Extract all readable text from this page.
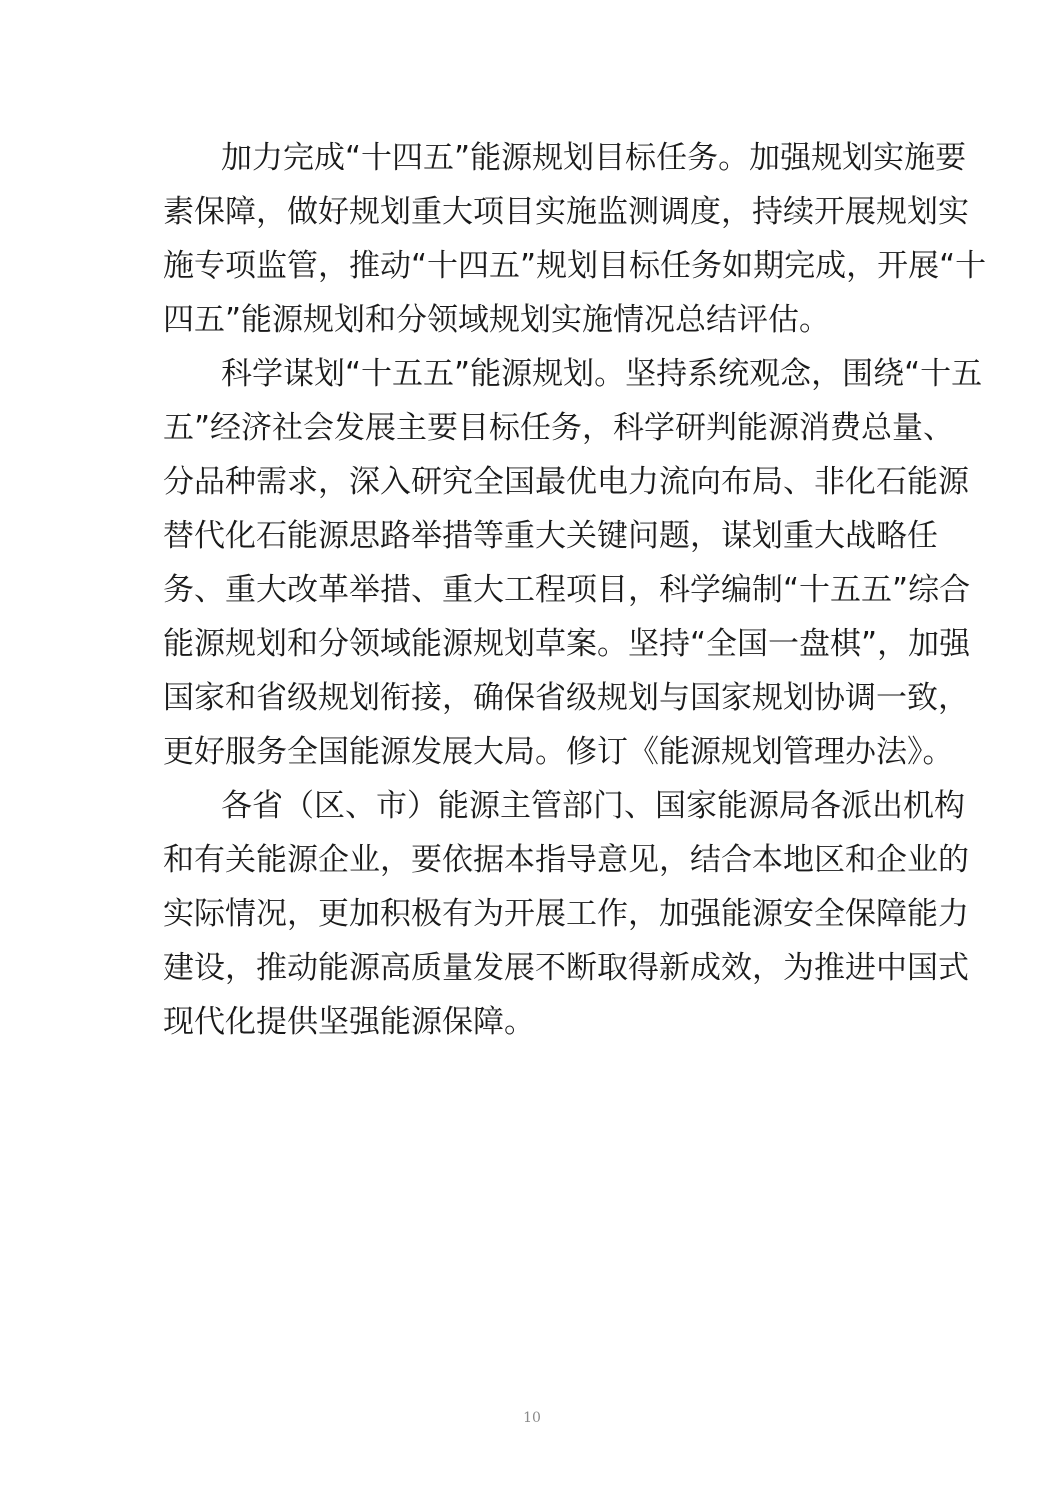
加力完成“十四五”能源规划目标任务。加强规划实施要
素保障，做好规划重大项目实施监测调度，持续开展规划实
施专项监管，推动“十四五”规划目标任务如期完成，开展“十
四五”能源规划和分领域规划实施情况总结评估。
科学谋划“十五五”能源规划。坚持系统观念，围绕“十五
五”经济社会发展主要目标任务，科学研判能源消费总量、
分品种需求，深入研究全国最优电力流向布局、非化石能源
替代化石能源思路举措等重大关键问题，谋划重大战略任
务、重大改革举措、重大工程项目，科学编制“十五五”综合
能源规划和分领域能源规划草案。坚持“全国一盘棋”，加强
国家和省级规划衔接，确保省级规划与国家规划协调一致，
更好服务全国能源发展大局。修订《能源规划管理办法》。
各省（区、市）能源主管部门、国家能源局各派出机构
和有关能源企业，要依据本指导意见，结合本地区和企业的
实际情况，更加积极有为开展工作，加强能源安全保障能力
建设，推动能源高质量发展不断取得新成效，为推进中国式
现代化提供坚强能源保障。
10
